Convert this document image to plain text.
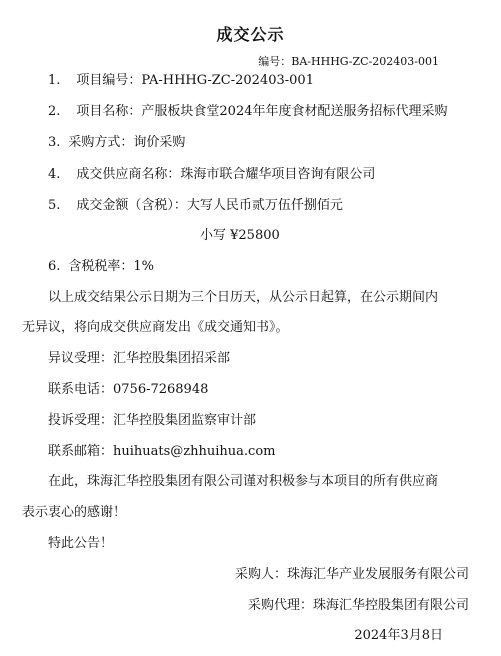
成交公示
编号：BA-HHHG-ZC-202403-001
1. 项目编号：PA-HHHG-ZC-202403-001
2. 项目名称：产服板块食堂2024年年度食材配送服务招标代理采购
3. 采购方式：询价采购
4. 成交供应商名称：珠海市联合耀华项目咨询有限公司
5. 成交金额（含税）：大写人民币贰万伍仟捌佰元
小写 ¥25800
6. 含税税率：1%
以上成交结果公示日期为三个日历天，从公示日起算，在公示期间内
无异议，将向成交供应商发出《成交通知书》。
异议受理：汇华控股集团招采部
联系电话：0756-7268948
投诉受理：汇华控股集团监察审计部
联系邮箱：huihuats@zhhuihua.com
在此，珠海汇华控股集团有限公司谨对积极参与本项目的所有供应商
表示衷心的感谢！
特此公告！
采购人：珠海汇华产业发展服务有限公司
采购代理：珠海汇华控股集团有限公司
2024年3月8日
